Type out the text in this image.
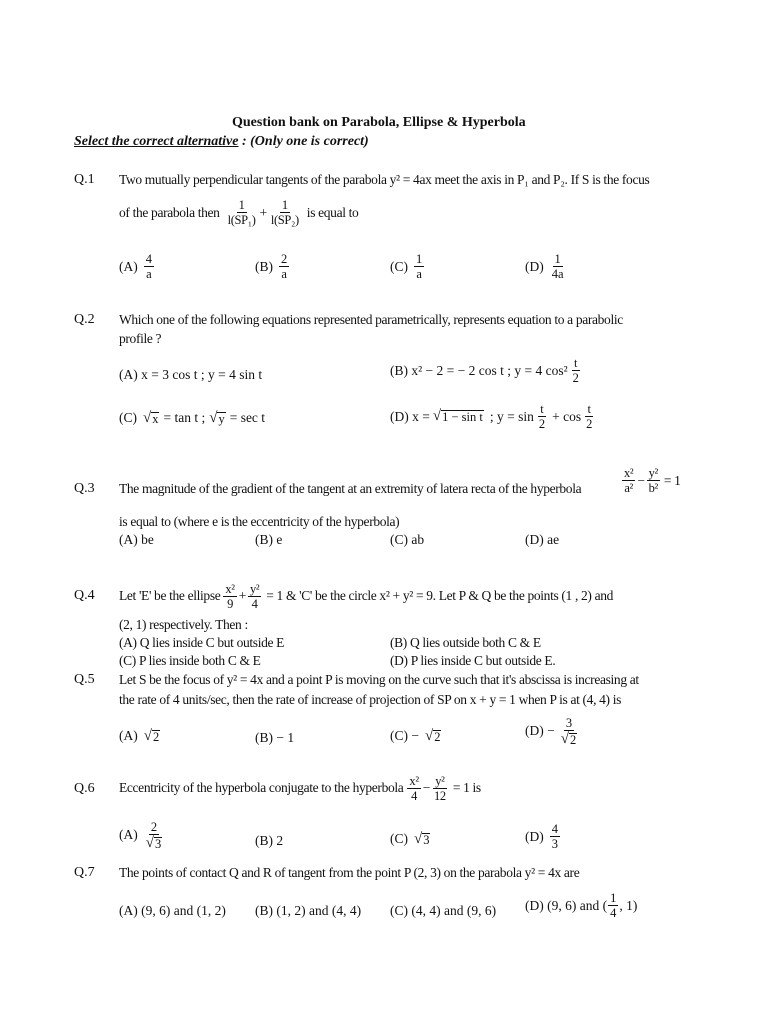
Question bank on Parabola, Ellipse & Hyperbola
Select the correct alternative : (Only one is correct)
Q.1 Two mutually perpendicular tangents of the parabola y² = 4ax meet the axis in P₁ and P₂. If S is the focus
of the parabola then $\frac{1}{\text{l(SP₁)}} + \frac{1}{\text{l(SP₂)}}$ is equal to
$(A) \frac{4}{a}$	$(B) \frac{2}{a}$	$(C) \frac{1}{a}$	$(D) \frac{1}{4a}$
Q.2 Which one of the following equations represented parametrically, represents equation to a parabolic
profile ?
(A) x = 3 cos t ; y = 4 sin t	(B) x² − 2 = − 2 cos t ; y = 4 $\cos^2 \frac{t}{2}$
(C) √ x = tan t ; √ y = sec t	(D) x = √ 1 − sin t ; $y = \sin \frac{t}{2} + \cos \frac{t}{2}$
Q.3 The magnitude of the gradient of the tangent at an extremity of latera recta of the hyperbola	$\frac{\text{x²}}{\text{a²}} - \frac{\text{y²}}{\text{b²}} = 1$
is equal to (where e is the eccentricity of the hyperbola)
(A) be	(B) e	(C) ab	(D) ae
Q.4 Let 'E' be the ellipse $\frac{\text{x²}}{9} + \frac{\text{y²}}{4} = 1$ & 'C' be the circle x² + y² = 9. Let P & Q be the points (1 , 2) and
(2, 1) respectively. Then :
(A) Q lies inside C but outside E	(B) Q lies outside both C & E
(C) P lies inside both C & E	(D) P lies inside C but outside E.
Q.5 Let S be the focus of y² = 4x and a point P is moving on the curve such that it's abscissa is increasing at
the rate of 4 units/sec, then the rate of increase of projection of SP on x + y = 1 when P is at (4, 4) is
(A) √ 2	(B) − 1	(C) − √ 2	$(D) - \frac{3}{√ 2}$
Q.6 Eccentricity of the hyperbola conjugate to the hyperbola $\frac{\text{x²}}{4} - \frac{\text{y²}}{12} = 1$ is
$(A) \frac{2}{√ 3}$	(B) 2	(C) √ 3	$(D) \frac{4}{3}$
Q.7 The points of contact Q and R of tangent from the point P (2, 3) on the parabola y² = 4x are
(A) (9, 6) and (1, 2) (B) (1, 2) and (4, 4) (C) (4, 4) and (9, 6) (D) (9, 6) and ( $\frac{1}{4}$ , 1)
